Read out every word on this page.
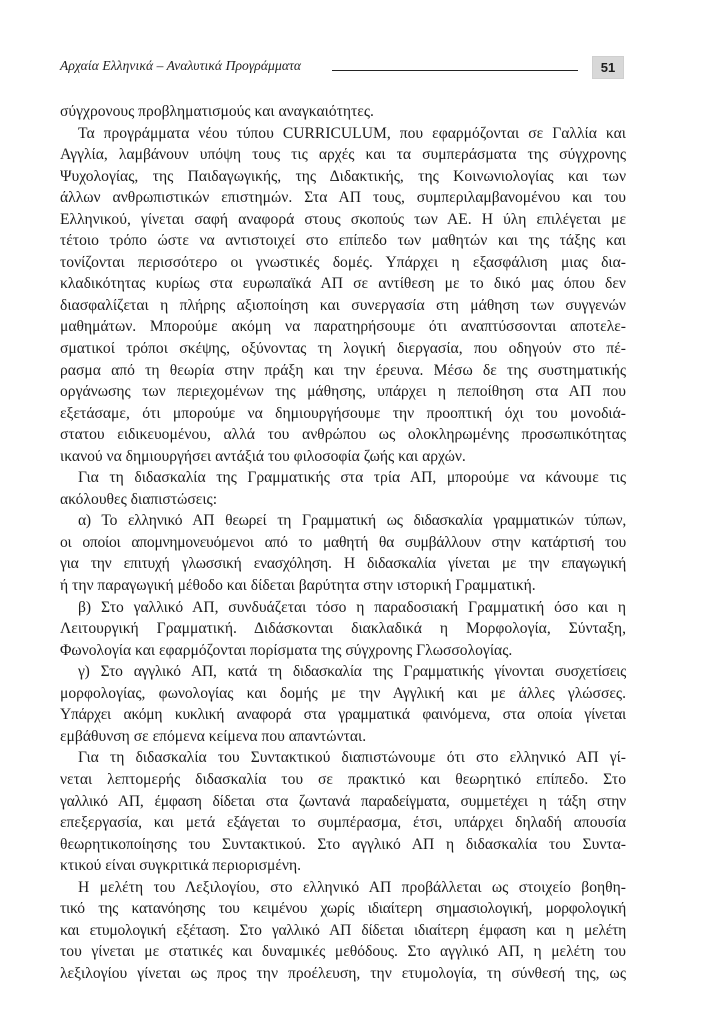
Αρχαία Ελληνικά – Αναλυτικά Προγράμματα	51
σύγχρονους προβληματισμούς και αναγκαιότητες.
Τα προγράμματα νέου τύπου CURRICULUM, που εφαρμόζονται σε Γαλλία και
Αγγλία, λαμβάνουν υπόψη τους τις αρχές και τα συμπεράσματα της σύγχρονης
Ψυχολογίας, της Παιδαγωγικής, της Διδακτικής, της Κοινωνιολογίας και των
άλλων ανθρωπιστικών επιστημών. Στα ΑΠ τους, συμπεριλαμβανομένου και του
Ελληνικού, γίνεται σαφή αναφορά στους σκοπούς των ΑΕ. Η ύλη επιλέγεται με
τέτοιο τρόπο ώστε να αντιστοιχεί στο επίπεδο των μαθητών και της τάξης και
τονίζονται περισσότερο οι γνωστικές δομές. Υπάρχει η εξασφάλιση μιας δια-
κλαδικότητας κυρίως στα ευρωπαϊκά ΑΠ σε αντίθεση με το δικό μας όπου δεν
διασφαλίζεται η πλήρης αξιοποίηση και συνεργασία στη μάθηση των συγγενών
μαθημάτων. Μπορούμε ακόμη να παρατηρήσουμε ότι αναπτύσσονται αποτελε-
σματικοί τρόποι σκέψης, οξύνοντας τη λογική διεργασία, που οδηγούν στο πέ-
ρασμα από τη θεωρία στην πράξη και την έρευνα. Μέσω δε της συστηματικής
οργάνωσης των περιεχομένων της μάθησης, υπάρχει η πεποίθηση στα ΑΠ που
εξετάσαμε, ότι μπορούμε να δημιουργήσουμε την προοπτική όχι του μονοδιά-
στατου ειδικευομένου, αλλά του ανθρώπου ως ολοκληρωμένης προσωπικότητας
ικανού να δημιουργήσει αντάξιά του φιλοσοφία ζωής και αρχών.
Για τη διδασκαλία της Γραμματικής στα τρία ΑΠ, μπορούμε να κάνουμε τις
ακόλουθες διαπιστώσεις:
α) Το ελληνικό ΑΠ θεωρεί τη Γραμματική ως διδασκαλία γραμματικών τύπων,
οι οποίοι απομνημονευόμενοι από το μαθητή θα συμβάλλουν στην κατάρτισή του
για την επιτυχή γλωσσική ενασχόληση. Η διδασκαλία γίνεται με την επαγωγική
ή την παραγωγική μέθοδο και δίδεται βαρύτητα στην ιστορική Γραμματική.
β) Στο γαλλικό ΑΠ, συνδυάζεται τόσο η παραδοσιακή Γραμματική όσο και η
Λειτουργική Γραμματική. Διδάσκονται διακλαδικά η Μορφολογία, Σύνταξη,
Φωνολογία και εφαρμόζονται πορίσματα της σύγχρονης Γλωσσολογίας.
γ) Στο αγγλικό ΑΠ, κατά τη διδασκαλία της Γραμματικής γίνονται συσχετίσεις
μορφολογίας, φωνολογίας και δομής με την Αγγλική και με άλλες γλώσσες.
Υπάρχει ακόμη κυκλική αναφορά στα γραμματικά φαινόμενα, στα οποία γίνεται
εμβάθυνση σε επόμενα κείμενα που απαντώνται.
Για τη διδασκαλία του Συντακτικού διαπιστώνουμε ότι στο ελληνικό ΑΠ γί-
νεται λεπτομερής διδασκαλία του σε πρακτικό και θεωρητικό επίπεδο. Στο
γαλλικό ΑΠ, έμφαση δίδεται στα ζωντανά παραδείγματα, συμμετέχει η τάξη στην
επεξεργασία, και μετά εξάγεται το συμπέρασμα, έτσι, υπάρχει δηλαδή απουσία
θεωρητικοποίησης του Συντακτικού. Στο αγγλικό ΑΠ η διδασκαλία του Συντα-
κτικού είναι συγκριτικά περιορισμένη.
Η μελέτη του Λεξιλογίου, στο ελληνικό ΑΠ προβάλλεται ως στοιχείο βοηθη-
τικό της κατανόησης του κειμένου χωρίς ιδιαίτερη σημασιολογική, μορφολογική
και ετυμολογική εξέταση. Στο γαλλικό ΑΠ δίδεται ιδιαίτερη έμφαση και η μελέτη
του γίνεται με στατικές και δυναμικές μεθόδους. Στο αγγλικό ΑΠ, η μελέτη του
λεξιλογίου γίνεται ως προς την προέλευση, την ετυμολογία, τη σύνθεσή της, ως
